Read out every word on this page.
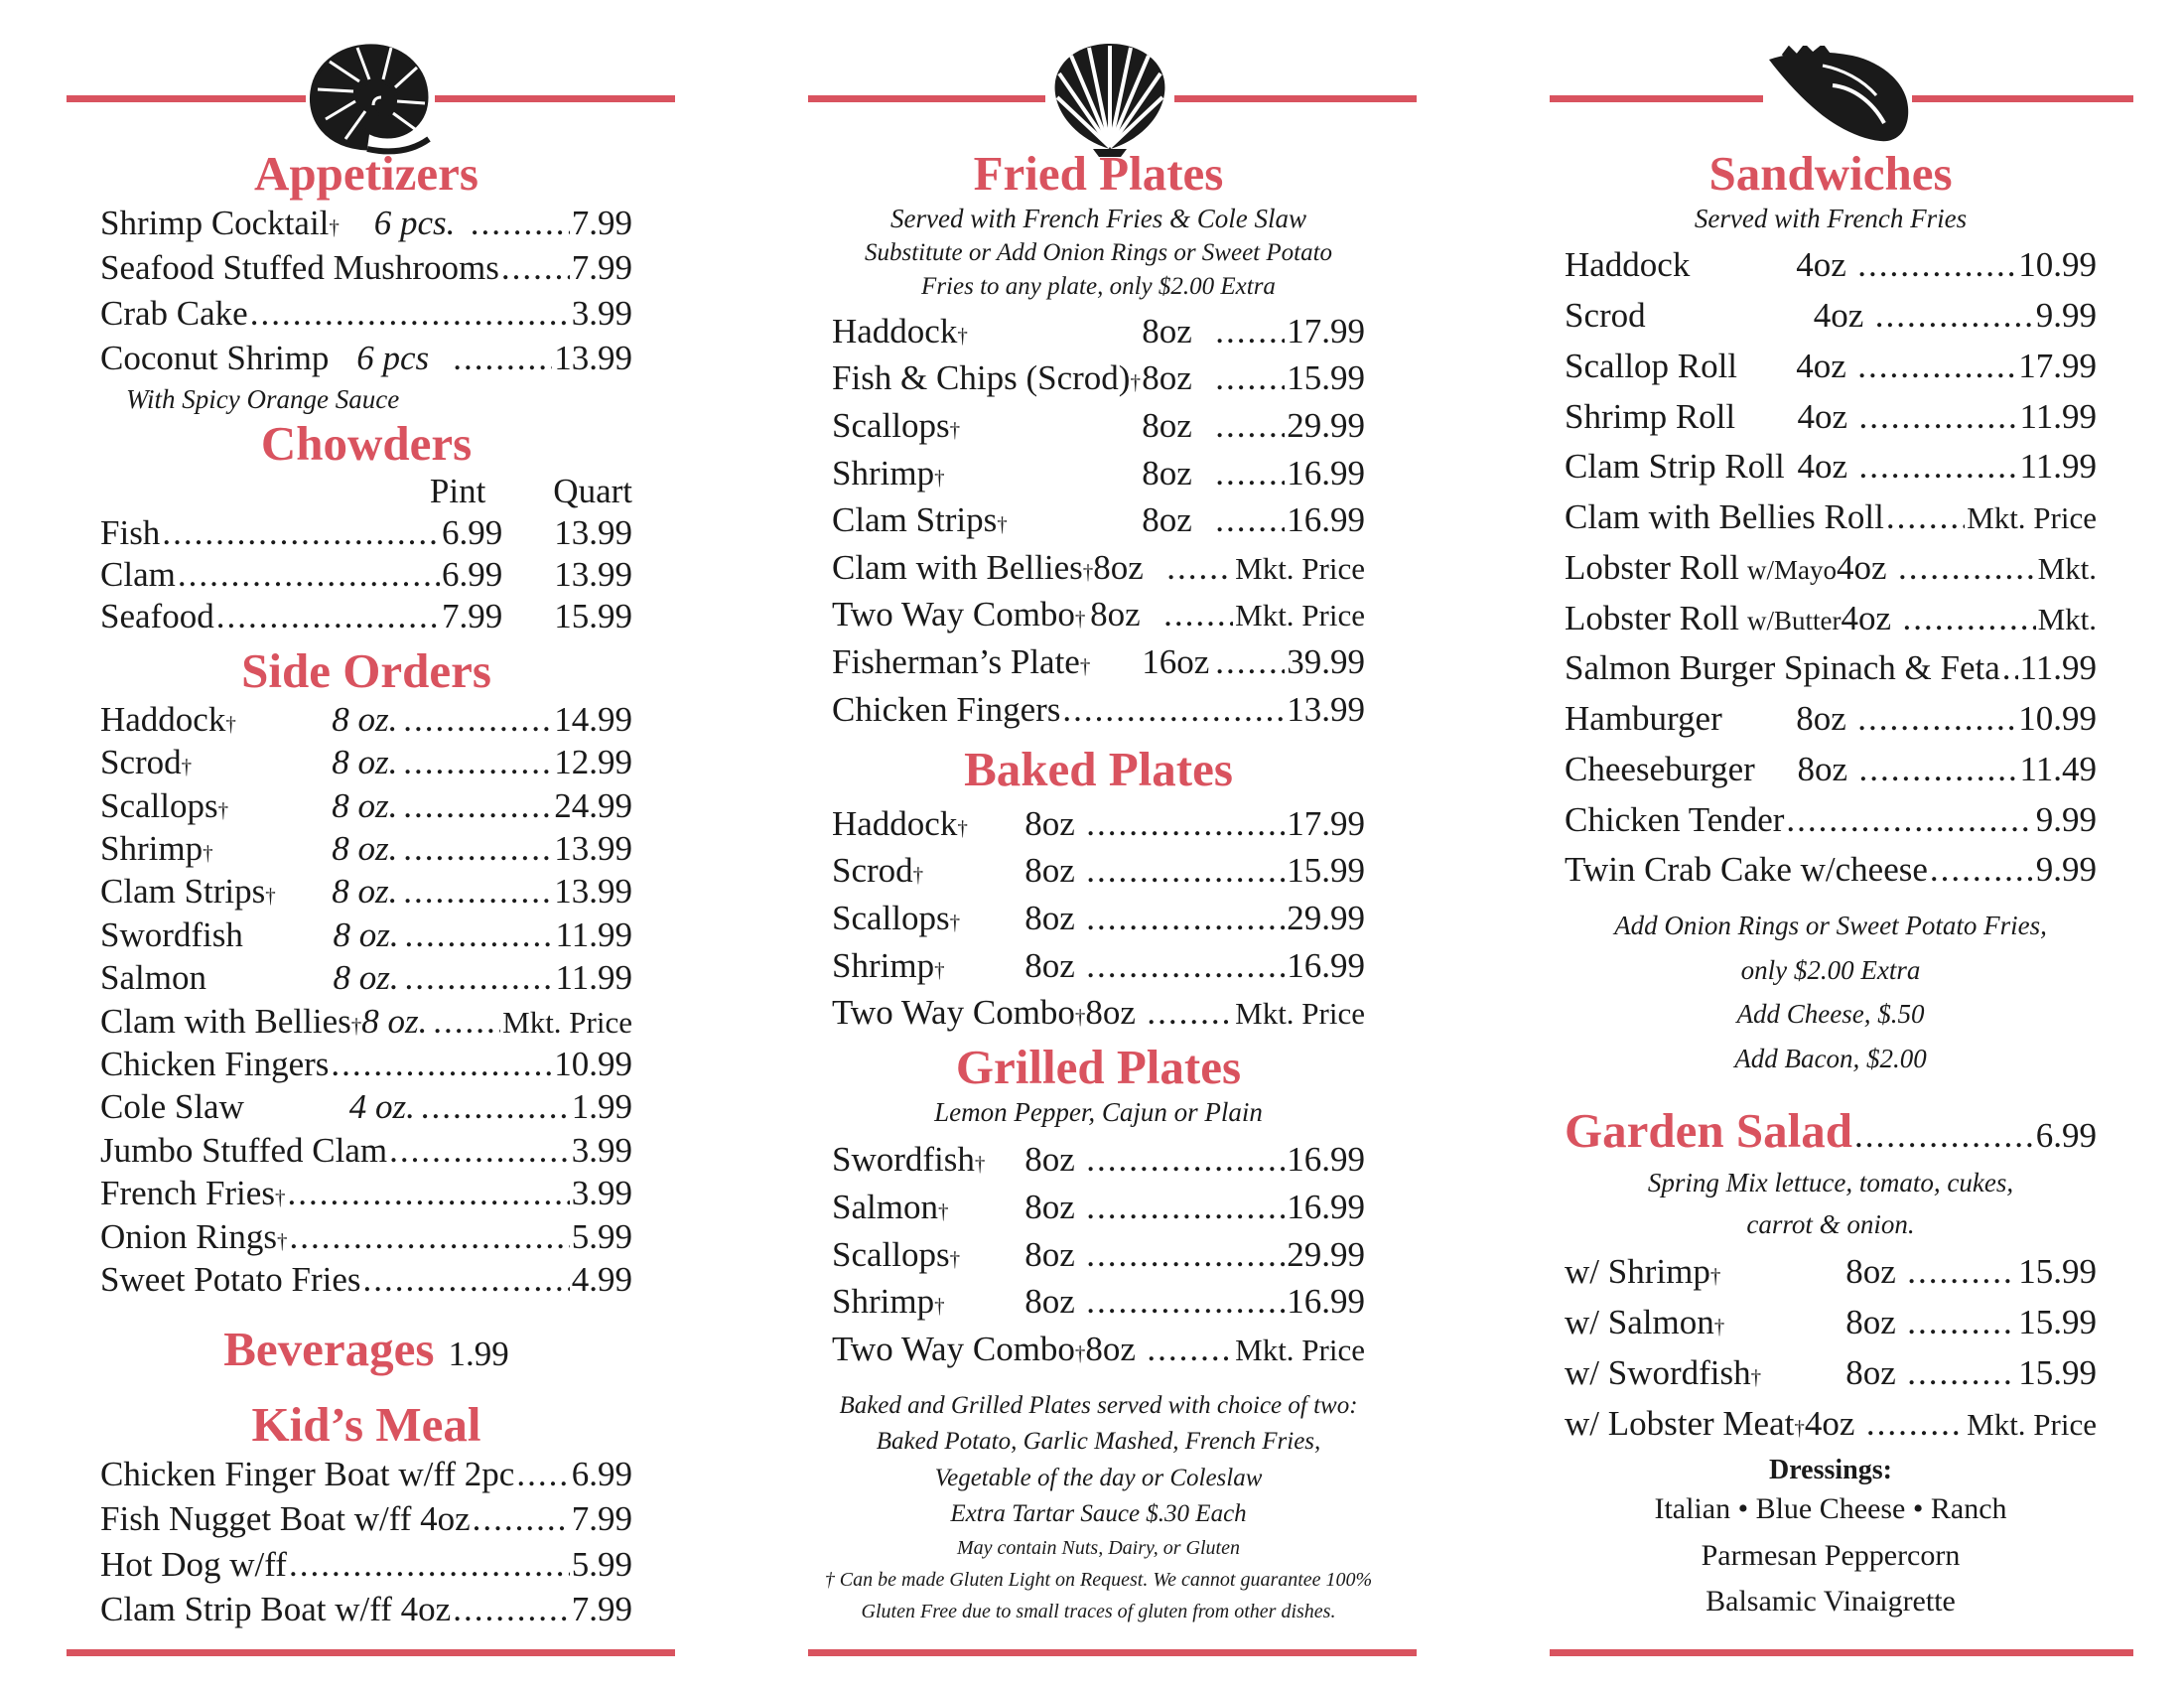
Appetizers
Shrimp Cocktail † 6 pcs. .....	7.99
Seafood Stuffed Mushrooms ..... 7.99
Crab Cake .....	3.99
Coconut Shrimp 6 pcs .....	13.99
With Spicy Orange Sauce
Chowders
Pint Quart
Fish .....	6.99	13.99
Clam .....	6.99	13.99
Seafood .....	7.99	15.99
Side Orders
Haddock †	8 oz. .....	14.99
Scrod †	8 oz. .....	12.99
Scallops †	8 oz. .....	24.99
Shrimp †	8 oz. .....	13.99
Clam Strips † 8 oz. .....	13.99
Swordfish	8 oz. .....	11.99
Salmon	8 oz. .....	11.99
Clam with Bellies † 8 oz. ..... Mkt. Price
Chicken Fingers .....	10.99
Cole Slaw	4 oz. .....	1.99
Jumbo Stuffed Clam .....	3.99
French Fries † .....	3.99
Onion Rings † .....	5.99
Sweet Potato Fries .....	4.99
Beverages 1.99
Kid’s Meal
Chicken Finger Boat w/ff 2pc ..... 6.99
Fish Nugget Boat w/ff 4oz .....	7.99
Hot Dog w/ff .....	5.99
Clam Strip Boat w/ff 4oz .....	7.99
Fried Plates
Served with French Fries & Cole Slaw
Substitute or Add Onion Rings or Sweet Potato
Fries to any plate, only $2.00 Extra
Haddock †	8oz .....	17.99
Fish & Chips (Scrod) † 8oz .....	15.99
Scallops †	8oz .....	29.99
Shrimp †	8oz .....	16.99
Clam Strips †	8oz .....	16.99
Clam with Bellies † 8oz .....	Mkt. Price
Two Way Combo † 8oz .....	Mkt. Price
Fisherman’s Plate † 16oz ..... 39.99
Chicken Fingers .....	13.99
Baked Plates
Haddock † 8oz .....	17.99
Scrod †	8oz .....	15.99
Scallops † 8oz .....	29.99
Shrimp † 8oz .....	16.99
Two Way Combo † 8oz .....	Mkt. Price
Grilled Plates
Lemon Pepper, Cajun or Plain
Swordfish † 8oz .....	16.99
Salmon † 8oz .....	16.99
Scallops † 8oz .....	29.99
Shrimp † 8oz .....	16.99
Two Way Combo † 8oz .....	Mkt. Price
Baked and Grilled Plates served with choice of two:
Baked Potato, Garlic Mashed, French Fries,
Vegetable of the day or Coleslaw
Extra Tartar Sauce $.30 Each
May contain Nuts, Dairy, or Gluten
† Can be made Gluten Light on Request. We cannot guarantee 100%
Gluten Free due to small traces of gluten from other dishes.
Sandwiches
Served with French Fries
Haddock	4oz .....	10.99
Scrod	4oz .....	9.99
Scallop Roll 4oz .....	17.99
Shrimp Roll 4oz .....	11.99
Clam Strip Roll 4oz .....	11.99
Clam with Bellies Roll .....	Mkt. Price
Lobster Roll w/Mayo 4oz .....	Mkt.
Lobster Roll w/Butter 4oz .....	Mkt.
Salmon Burger Spinach & Feta ..... 11.99
Hamburger 8oz .....	10.99
Cheeseburger 8oz .....	11.49
Chicken Tender .....	9.99
Twin Crab Cake w/cheese .....	9.99
Add Onion Rings or Sweet Potato Fries,
only $2.00 Extra
Add Cheese, $.50
Add Bacon, $2.00
Garden Salad .....	6.99
Spring Mix lettuce, tomato, cukes,
carrot & onion.
w/ Shrimp †	8oz .....	15.99
w/ Salmon †	8oz .....	15.99
w/ Swordfish † 8oz .....	15.99
w/ Lobster Meat † 4oz .....	Mkt. Price
Dressings:
Italian • Blue Cheese • Ranch
Parmesan Peppercorn
Balsamic Vinaigrette
